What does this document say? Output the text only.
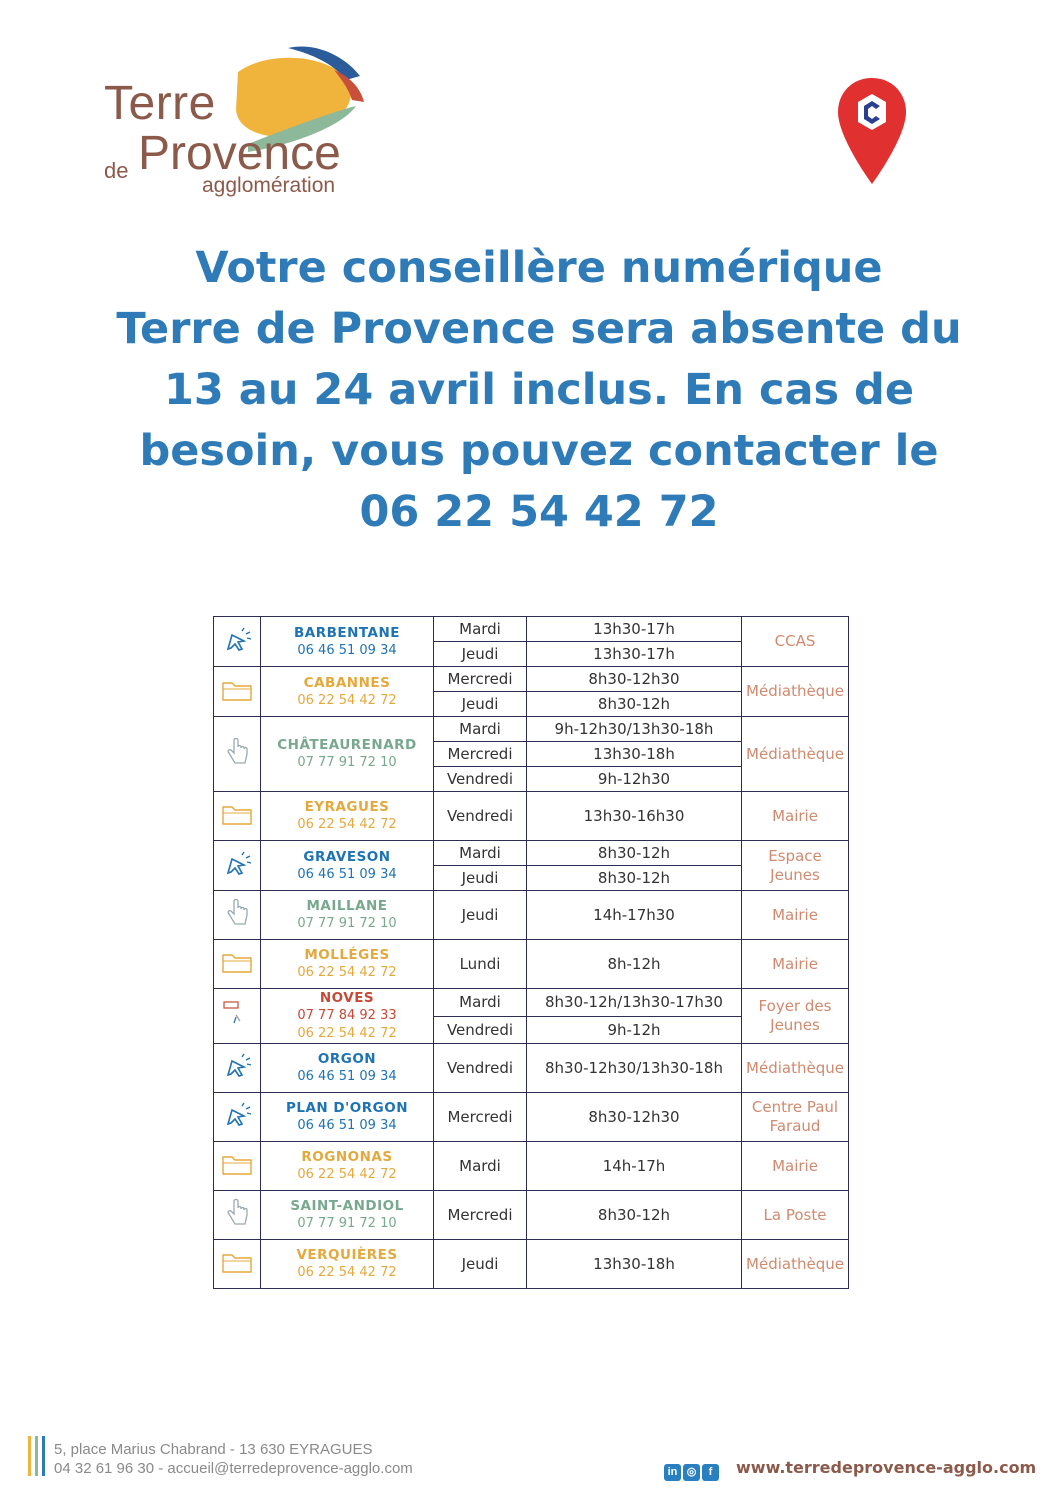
Terre
de Provence
agglomération
Votre conseillère numérique
Terre de Provence sera absente du
13 au 24 avril inclus. En cas de
besoin, vous pouvez contacter le
06 22 54 42 72

BARBENTANE
06 46 51 09 34	Mardi	13h30-17h	CCAS
		Jeudi	13h30-17h	

CABANNES
06 22 54 42 72	Mercredi	8h30-12h30	Médiathèque
		Jeudi	8h30-12h	

CHÂTEAURENARD
07 77 91 72 10	Mardi	9h-12h30/13h30-18h	Médiathèque
		Mercredi	13h30-18h	
		Vendredi	9h-12h30	

EYRAGUES
06 22 54 42 72	Vendredi	13h30-16h30	Mairie

GRAVESON
06 46 51 09 34	Mardi	8h30-12h	Espace Jeunes
		Jeudi	8h30-12h	

MAILLANE
07 77 91 72 10	Jeudi	14h-17h30	Mairie

MOLLÉGES
06 22 54 42 72	Lundi	8h-12h	Mairie

NOVES
07 77 84 92 33
06 22 54 42 72	Mardi	8h30-12h/13h30-17h30	Foyer des Jeunes
		Vendredi	9h-12h	

ORGON
06 46 51 09 34	Vendredi	8h30-12h30/13h30-18h	Médiathèque

PLAN D'ORGON
06 46 51 09 34	Mercredi	8h30-12h30	Centre Paul Faraud

ROGNONAS
06 22 54 42 72	Mardi	14h-17h	Mairie

SAINT-ANDIOL
07 77 91 72 10	Mercredi	8h30-12h	La Poste

VERQUIÈRES
06 22 54 42 72	Jeudi	13h30-18h	Médiathèque
5, place Marius Chabrand - 13 630 EYRAGUES
04 32 61 96 30 - accueil@terredeprovence-agglo.com	in ◎ f	www.terredeprovence-agglo.com
